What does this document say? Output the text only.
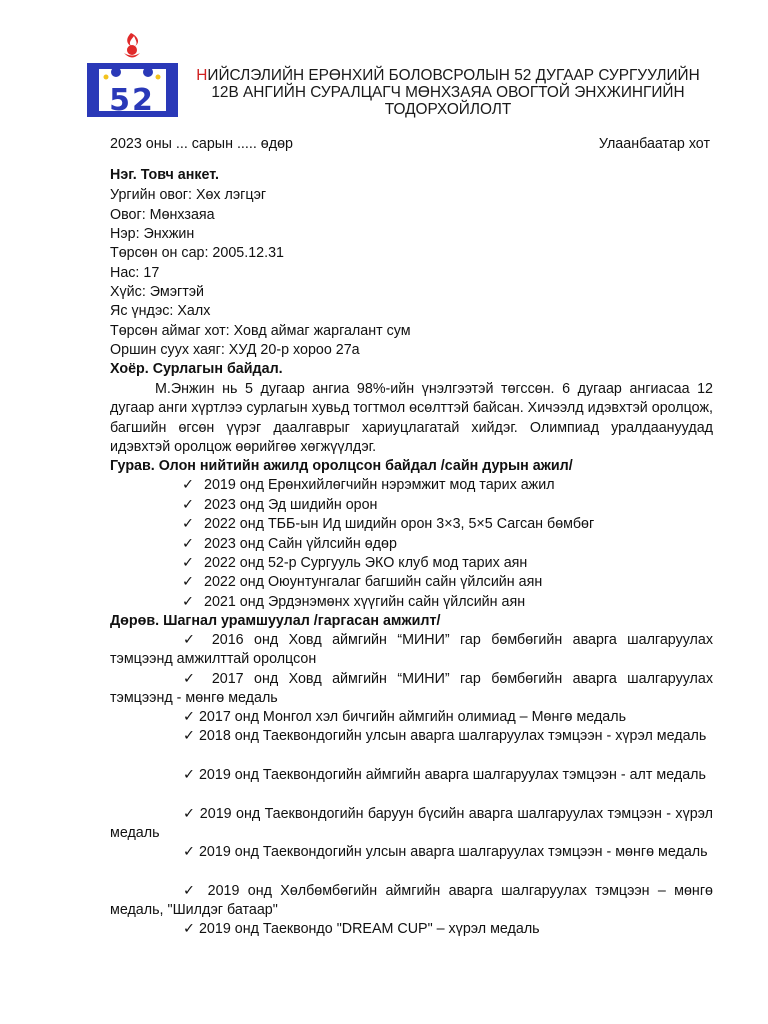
52
НИЙСЛЭЛИЙН ЕРӨНХИЙ БОЛОВСРОЛЫН 52 ДУГААР СУРГУУЛИЙН
12В АНГИЙН СУРАЛЦАГЧ МӨНХЗАЯА ОВОГТОЙ ЭНХЖИНГИЙН
ТОДОРХОЙЛОЛТ
2023 оны ... сарын ..... өдөр	Улаанбаатар хот
Нэг. Товч анкет.
Ургийн овог: Хөх лэгцэг
Овог: Мөнхзаяа
Нэр: Энхжин
Төрсөн он сар: 2005.12.31
Нас: 17
Хүйс: Эмэгтэй
Яс үндэс: Халх
Төрсөн аймаг хот: Ховд аймаг жаргалант сум
Оршин суух хаяг: ХУД 20-р хороо 27а
Хоёр. Сурлагын байдал.
М.Энжин нь 5 дугаар ангиа 98%-ийн үнэлгээтэй төгссөн. 6 дугаар ангиасаа 12 дугаар анги хүртлээ сурлагын хувьд тогтмол өсөлттэй байсан. Хичээлд идэвхтэй оролцож, багшийн өгсөн үүрэг даалгаврыг хариуцлагатай хийдэг. Олимпиад уралдаануудад идэвхтэй оролцож өөрийгөө хөгжүүлдэг.
Гурав. Олон нийтийн ажилд оролцсон байдал /сайн дурын ажил/
✓ 2019 онд Ерөнхийлөгчийн нэрэмжит мод тарих ажил
✓ 2023 онд Эд шидийн орон
✓ 2022 онд ТББ-ын Ид шидийн орон 3×3, 5×5 Сагсан бөмбөг
✓ 2023 онд Сайн үйлсийн өдөр
✓ 2022 онд 52-р Сургууль ЭКО клуб мод тарих аян
✓ 2022 онд Оюунтунгалаг багшийн сайн үйлсийн аян
✓ 2021 онд Эрдэнэмөнх хүүгийн сайн үйлсийн аян
Дөрөв. Шагнал урамшуулал /гаргасан амжилт/
✓ 2016 онд Ховд аймгийн “МИНИ” гар бөмбөгийн аварга шалгаруулах тэмцээнд амжилттай оролцсон
✓ 2017 онд Ховд аймгийн “МИНИ” гар бөмбөгийн аварга шалгаруулах тэмцээнд - мөнгө медаль
✓ 2017 онд Монгол хэл бичгийн аймгийн олимиад – Мөнгө медаль
✓ 2018 онд Таеквондогийн улсын аварга шалгаруулах тэмцээн - хүрэл медаль
✓ 2019 онд Таеквондогийн аймгийн аварга шалгаруулах тэмцээн - алт медаль
✓ 2019 онд Таеквондогийн баруун бүсийн аварга шалгаруулах тэмцээн - хүрэл медаль
✓ 2019 онд Таеквондогийн улсын аварга шалгаруулах тэмцээн - мөнгө медаль
✓ 2019 онд Хөлбөмбөгийн аймгийн аварга шалгаруулах тэмцээн – мөнгө медаль, "Шилдэг батаар"
✓ 2019 онд Таеквондо "DREAM CUP" – хүрэл медаль
